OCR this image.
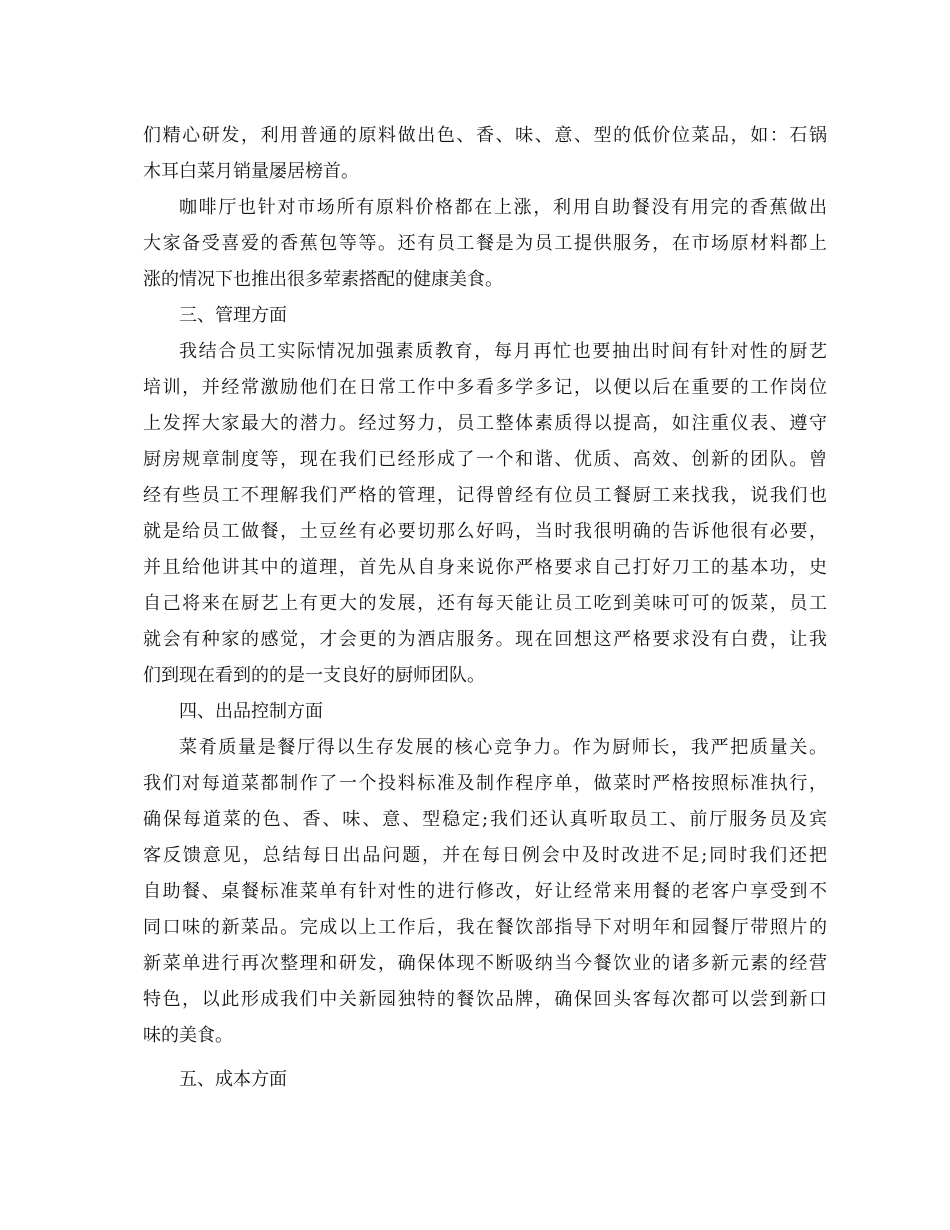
们精心研发，利用普通的原料做出色、香、味、意、型的低价位菜品，如：石锅
木耳白菜月销量屡居榜首。
咖啡厅也针对市场所有原料价格都在上涨，利用自助餐没有用完的香蕉做出
大家备受喜爱的香蕉包等等。还有员工餐是为员工提供服务，在市场原材料都上
涨的情况下也推出很多荤素搭配的健康美食。
三、管理方面
我结合员工实际情况加强素质教育，每月再忙也要抽出时间有针对性的厨艺
培训，并经常激励他们在日常工作中多看多学多记，以便以后在重要的工作岗位
上发挥大家最大的潜力。经过努力，员工整体素质得以提高，如注重仪表、遵守
厨房规章制度等，现在我们已经形成了一个和谐、优质、高效、创新的团队。曾
经有些员工不理解我们严格的管理，记得曾经有位员工餐厨工来找我，说我们也
就是给员工做餐，土豆丝有必要切那么好吗，当时我很明确的告诉他很有必要，
并且给他讲其中的道理，首先从自身来说你严格要求自己打好刀工的基本功，史
自己将来在厨艺上有更大的发展，还有每天能让员工吃到美味可可的饭菜，员工
就会有种家的感觉，才会更的为酒店服务。现在回想这严格要求没有白费，让我
们到现在看到的的是一支良好的厨师团队。
四、出品控制方面
菜肴质量是餐厅得以生存发展的核心竞争力。作为厨师长，我严把质量关。
我们对每道菜都制作了一个投料标准及制作程序单，做菜时严格按照标准执行，
确保每道菜的色、香、味、意、型稳定;我们还认真听取员工、前厅服务员及宾
客反馈意见，总结每日出品问题，并在每日例会中及时改进不足;同时我们还把
自助餐、桌餐标准菜单有针对性的进行修改，好让经常来用餐的老客户享受到不
同口味的新菜品。完成以上工作后，我在餐饮部指导下对明年和园餐厅带照片的
新菜单进行再次整理和研发，确保体现不断吸纳当今餐饮业的诸多新元素的经营
特色，以此形成我们中关新园独特的餐饮品牌，确保回头客每次都可以尝到新口
味的美食。
五、成本方面
